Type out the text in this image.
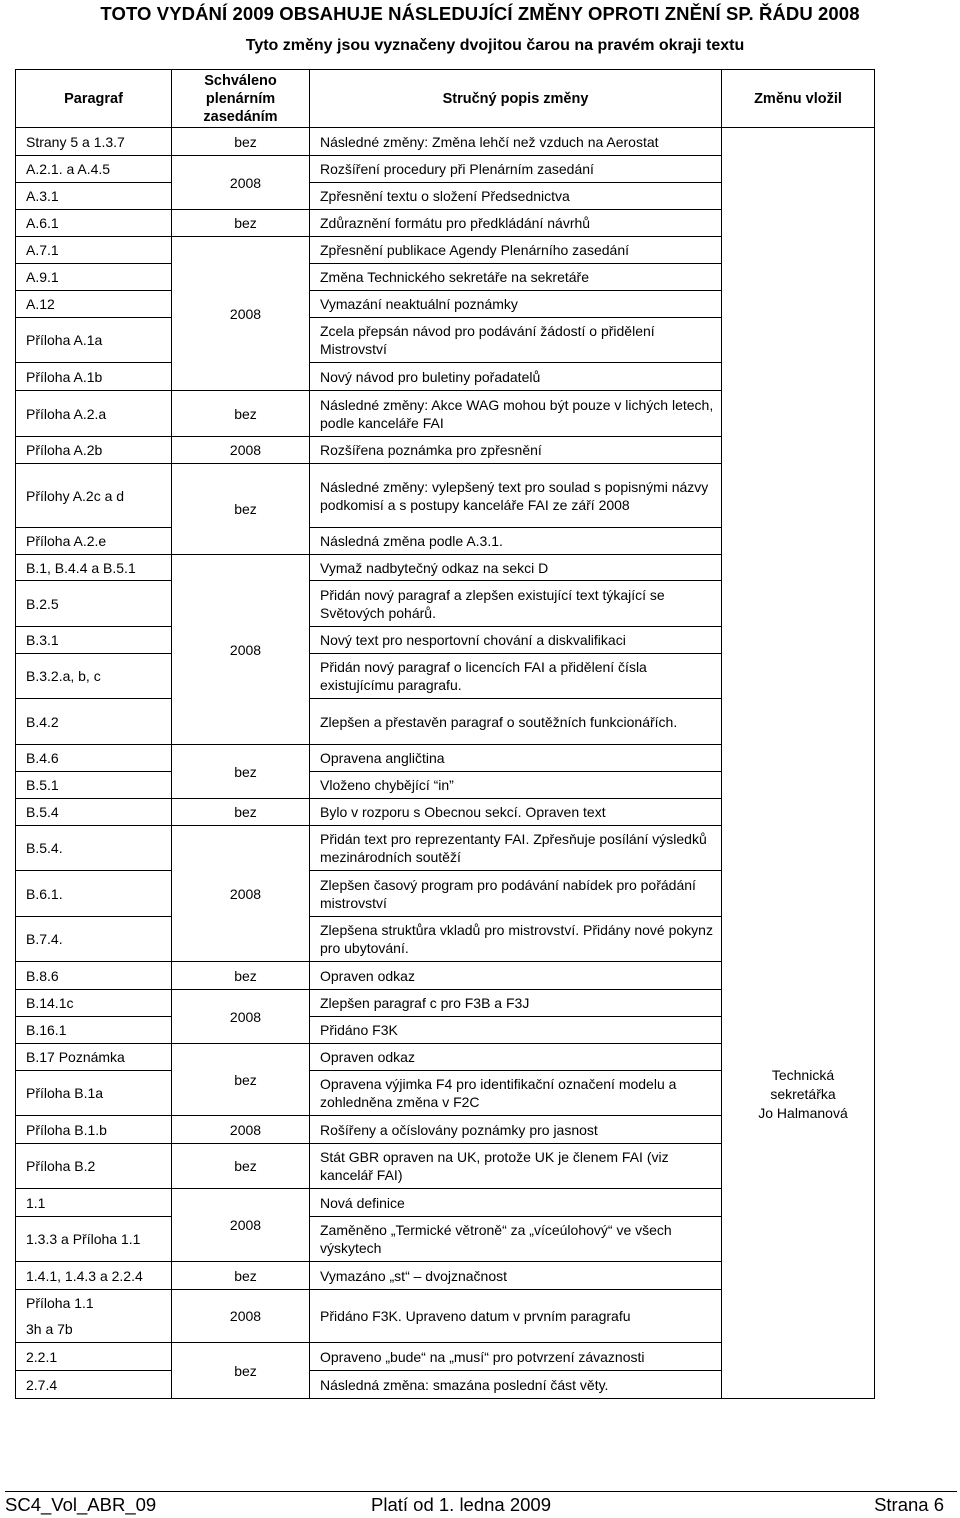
TOTO VYDÁNÍ 2009 OBSAHUJE NÁSLEDUJÍCÍ ZMĚNY OPROTI ZNĚNÍ SP. ŘÁDU 2008
Tyto změny jsou vyznačeny dvojitou čarou na pravém okraji textu
Paragraf	Schváleno
plenárním
zasedáním	Stručný popis změny	Změnu vložil
Strany 5 a 1.3.7	bez	Následné změny: Změna lehčí než vzduch na Aerostat	Technická
sekretářka
Jo Halmanová

A.2.1. a A.4.5	2008	Rozšíření procedury při Plenárním zasedání	
A.3.1		Zpřesnění textu o složení Předsednictva	
A.6.1	bez	Zdůraznění formátu pro předkládání návrhů	
A.7.1	2008	Zpřesnění publikace Agendy Plenárního zasedání	
A.9.1		Změna Technického sekretáře na sekretáře	
A.12		Vymazání neaktuální poznámky	
Příloha A.1a		Zcela přepsán návod pro podávání žádostí o přidělení Mistrovství	
Příloha A.1b		Nový návod pro buletiny pořadatelů	
Příloha A.2.a	bez	Následné změny: Akce WAG mohou být pouze v lichých letech, podle kanceláře FAI	
Příloha A.2b	2008	Rozšířena poznámka pro zpřesnění	
Přílohy A.2c a d	bez	Následné změny: vylepšený text pro soulad s popisnými názvy podkomisí a s postupy kanceláře FAI ze září 2008	
Příloha A.2.e		Následná změna podle A.3.1.	
B.1, B.4.4 a B.5.1	2008	Vymaž nadbytečný odkaz na sekci D	
B.2.5		Přidán nový paragraf a zlepšen existující text týkající se Světových pohárů.	
B.3.1		Nový text pro nesportovní chování a diskvalifikaci	
B.3.2.a, b, c		Přidán nový paragraf o licencích FAI a přidělení čísla existujícímu paragrafu.	
B.4.2		Zlepšen a přestavěn paragraf o soutěžních funkcionářích.	
B.4.6	bez	Opravena angličtina	
B.5.1		Vloženo chybějící “in”	
B.5.4	bez	Bylo v rozporu s Obecnou sekcí. Opraven text	
B.5.4.	2008	Přidán text pro reprezentanty FAI. Zpřesňuje posílání výsledků mezinárodních soutěží	
B.6.1.		Zlepšen časový program pro podávání nabídek pro pořádání mistrovství	
B.7.4.		Zlepšena struktůra vkladů pro mistrovství. Přidány nové pokynz pro ubytování.	
B.8.6	bez	Opraven odkaz	
B.14.1c	2008	Zlepšen paragraf c pro F3B a F3J	
B.16.1		Přidáno F3K	
B.17 Poznámka	bez	Opraven odkaz	
Příloha B.1a		Opravena výjimka F4 pro identifikační označení modelu a zohledněna změna v F2C	
Příloha B.1.b	2008	Rošířeny a očíslovány poznámky pro jasnost	
Příloha B.2	bez	Stát GBR opraven na UK, protože UK je členem FAI (viz kancelář FAI)	
1.1	2008	Nová definice	
1.3.3 a Příloha 1.1		Zaměněno „Termické větroně“ za „víceúlohový“ ve všech výskytech	
1.4.1, 1.4.3 a 2.2.4	bez	Vymazáno „st“ – dvojznačnost	

Příloha 1.1
3h a 7b	2008	Přidáno F3K. Upraveno datum v prvním paragrafu	
2.2.1	bez	Opraveno „bude“ na „musí“ pro potvrzení závaznosti	
2.7.4		Následná změna: smazána poslední část věty.	
SC4_Vol_ABR_09	Platí od 1. ledna 2009	Strana 6
